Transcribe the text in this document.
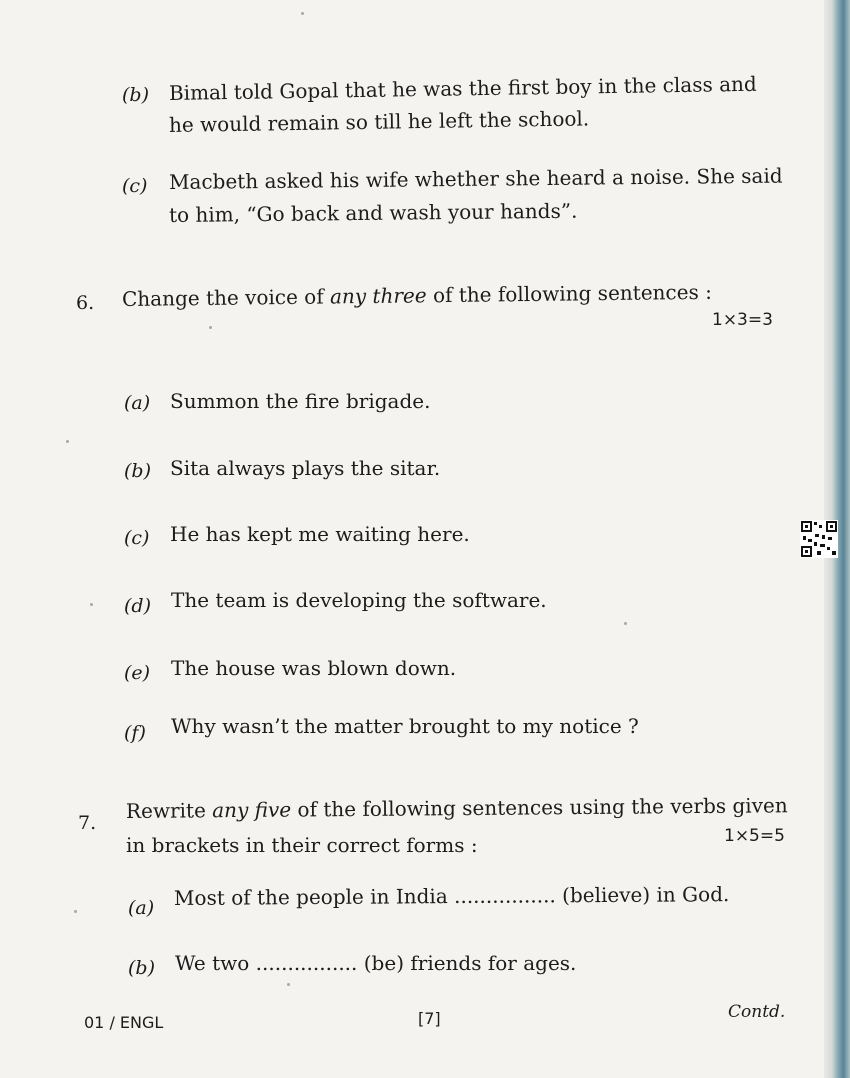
(b) Bimal told Gopal that he was the first boy in the class and
he would remain so till he left the school.
(c) Macbeth asked his wife whether she heard a noise. She said
to him, “Go back and wash your hands”.
6. Change the voice of any three of the following sentences :
1×3=3
(a) Summon the fire brigade.
(b) Sita always plays the sitar.
(c) He has kept me waiting here.
(d) The team is developing the software.
(e) The house was blown down.
(f) Why wasn’t the matter brought to my notice ?
7.
Rewrite any five of the following sentences using the verbs given
in brackets in their correct forms :	1×5=5
(a) Most of the people in India ................ (believe) in God.
(b) We two ................ (be) friends for ages.
01 / ENGL	[7]	Contd.
